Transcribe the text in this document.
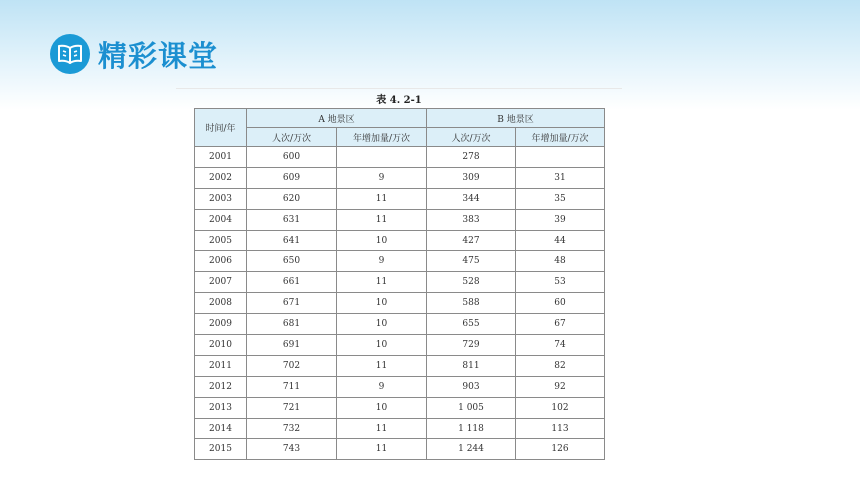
精彩课堂
表 4. 2-1
时间/年	A 地景区		B 地景区	
	人次/万次	年增加量/万次	人次/万次	年增加量/万次
2001	600		278	
2002	609	9	309	31
2003	620	11	344	35
2004	631	11	383	39
2005	641	10	427	44
2006	650	9	475	48
2007	661	11	528	53
2008	671	10	588	60
2009	681	10	655	67
2010	691	10	729	74
2011	702	11	811	82
2012	711	9	903	92
2013	721	10	1 005	102
2014	732	11	1 118	113
2015	743	11	1 244	126
